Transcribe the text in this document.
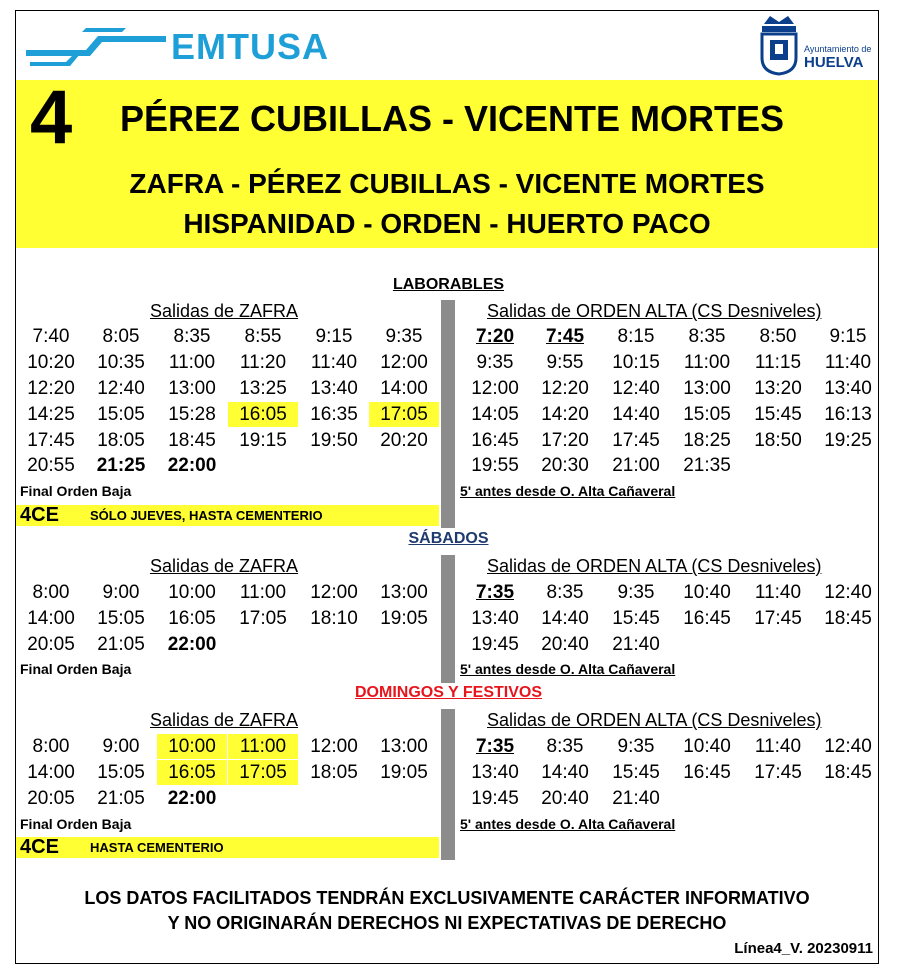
EMTUSA	Ayuntamiento de
HUELVA
4 PÉREZ CUBILLAS - VICENTE MORTES
ZAFRA - PÉREZ CUBILLAS - VICENTE MORTES
HISPANIDAD - ORDEN - HUERTO PACO
LABORABLES
Salidas de ZAFRA
7:40	8:05	8:35	8:55	9:15	9:35
10:20	10:35	11:00	11:20	11:40	12:00
12:20	12:40	13:00	13:25	13:40	14:00
14:25	15:05	15:28	16:05	16:35	17:05
17:45	18:05	18:45	19:15	19:50	20:20
20:55	21:25	22:00
Final Orden Baja
Salidas de ORDEN ALTA (CS Desniveles)
7:20	7:45	8:15	8:35	8:50	9:15
9:35	9:55	10:15	11:00	11:15	11:40
12:00	12:20	12:40	13:00	13:20	13:40
14:05	14:20	14:40	15:05	15:45	16:13
16:45	17:20	17:45	18:25	18:50	19:25
19:55	20:30	21:00	21:35
5' antes desde O. Alta Cañaveral
4CE SÓLO JUEVES, HASTA CEMENTERIO
SÁBADOS
Salidas de ZAFRA
8:00	9:00	10:00	11:00	12:00	13:00
14:00	15:05	16:05	17:05	18:10	19:05
20:05	21:05	22:00
Final Orden Baja
Salidas de ORDEN ALTA (CS Desniveles)
7:35	8:35	9:35	10:40	11:40	12:40
13:40	14:40	15:45	16:45	17:45	18:45
19:45	20:40	21:40
5' antes desde O. Alta Cañaveral
DOMINGOS Y FESTIVOS
Salidas de ZAFRA
8:00	9:00	10:00	11:00	12:00	13:00
14:00	15:05	16:05	17:05	18:05	19:05
20:05	21:05	22:00
Final Orden Baja
Salidas de ORDEN ALTA (CS Desniveles)
7:35	8:35	9:35	10:40	11:40	12:40
13:40	14:40	15:45	16:45	17:45	18:45
19:45	20:40	21:40
5' antes desde O. Alta Cañaveral
4CE HASTA CEMENTERIO
LOS DATOS FACILITADOS TENDRÁN EXCLUSIVAMENTE CARÁCTER INFORMATIVO
Y NO ORIGINARÁN DERECHOS NI EXPECTATIVAS DE DERECHO
Línea4_V. 20230911
